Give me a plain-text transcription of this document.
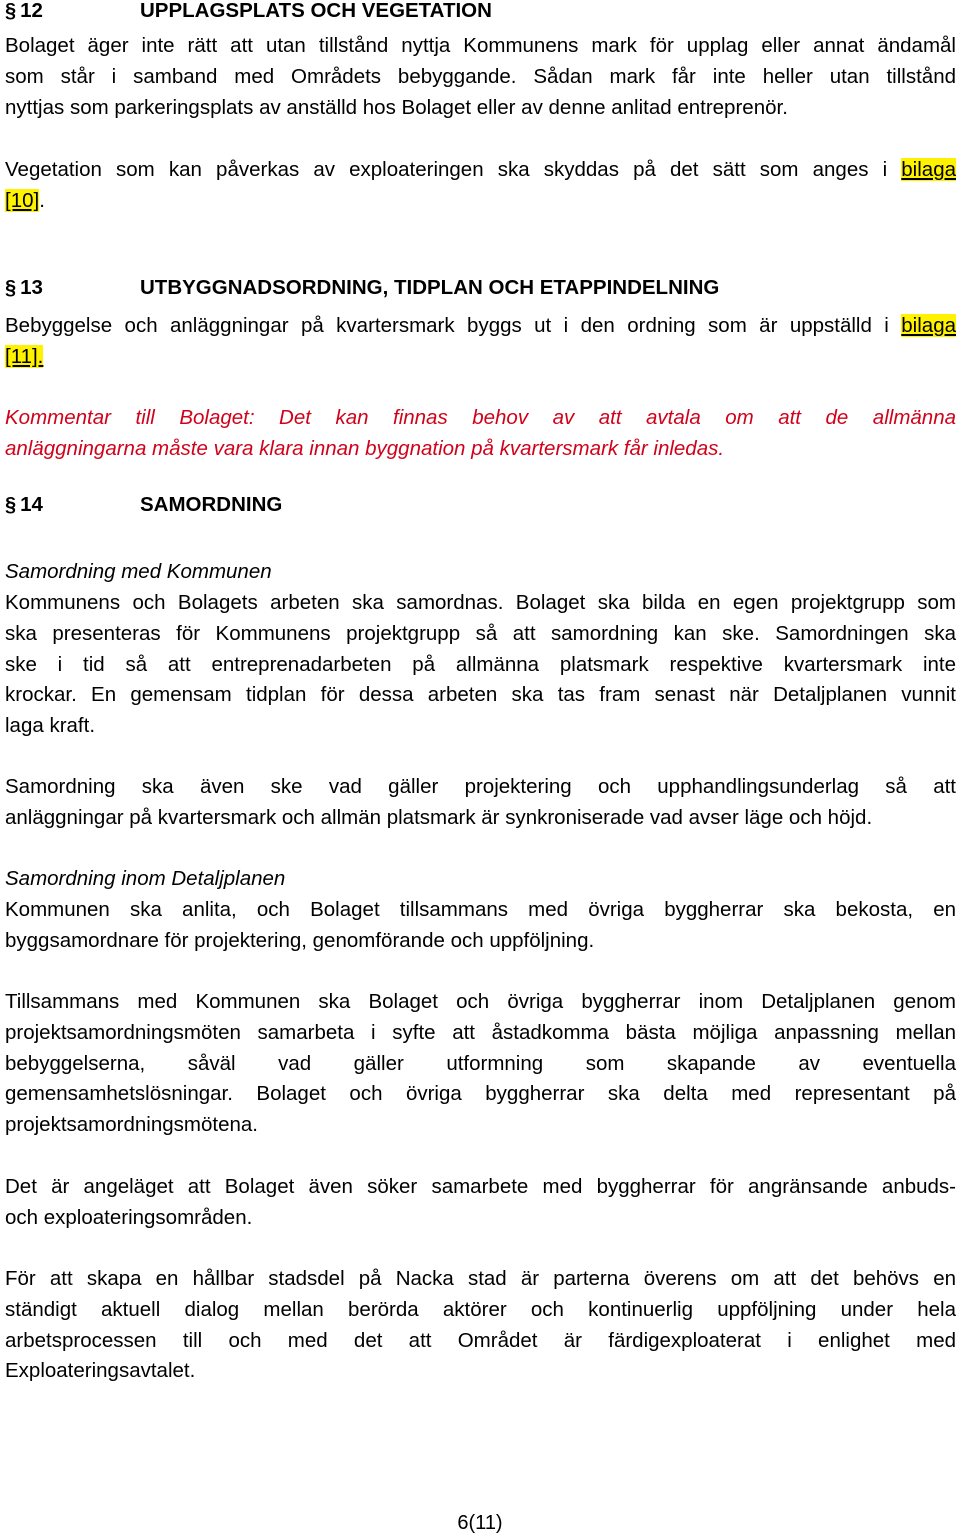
§ 12	UPPLAGSPLATS OCH VEGETATION
Bolaget äger inte rätt att utan tillstånd nyttja Kommunens mark för upplag eller annat ändamål
som står i samband med Områdets bebyggande. Sådan mark får inte heller utan tillstånd
nyttjas som parkeringsplats av anställd hos Bolaget eller av denne anlitad entreprenör.
Vegetation som kan påverkas av exploateringen ska skyddas på det sätt som anges i bilaga
[10].
§ 13	UTBYGGNADSORDNING, TIDPLAN OCH ETAPPINDELNING
Bebyggelse och anläggningar på kvartersmark byggs ut i den ordning som är uppställd i bilaga
[11].
Kommentar till Bolaget: Det kan finnas behov av att avtala om att de allmänna
anläggningarna måste vara klara innan byggnation på kvartersmark får inledas.
§ 14	SAMORDNING
Samordning med Kommunen
Kommunens och Bolagets arbeten ska samordnas. Bolaget ska bilda en egen projektgrupp som
ska presenteras för Kommunens projektgrupp så att samordning kan ske. Samordningen ska
ske i tid så att entreprenadarbeten på allmänna platsmark respektive kvartersmark inte
krockar. En gemensam tidplan för dessa arbeten ska tas fram senast när Detaljplanen vunnit
laga kraft.
Samordning ska även ske vad gäller projektering och upphandlingsunderlag så att
anläggningar på kvartersmark och allmän platsmark är synkroniserade vad avser läge och höjd.
Samordning inom Detaljplanen
Kommunen ska anlita, och Bolaget tillsammans med övriga byggherrar ska bekosta, en
byggsamordnare för projektering, genomförande och uppföljning.
Tillsammans med Kommunen ska Bolaget och övriga byggherrar inom Detaljplanen genom
projektsamordningsmöten samarbeta i syfte att åstadkomma bästa möjliga anpassning mellan
bebyggelserna, såväl vad gäller utformning som skapande av eventuella
gemensamhetslösningar. Bolaget och övriga byggherrar ska delta med representant på
projektsamordningsmötena.
Det är angeläget att Bolaget även söker samarbete med byggherrar för angränsande anbuds-
och exploateringsområden.
För att skapa en hållbar stadsdel på Nacka stad är parterna överens om att det behövs en
ständigt aktuell dialog mellan berörda aktörer och kontinuerlig uppföljning under hela
arbetsprocessen till och med det att Området är färdigexploaterat i enlighet med
Exploateringsavtalet.
6(11)
